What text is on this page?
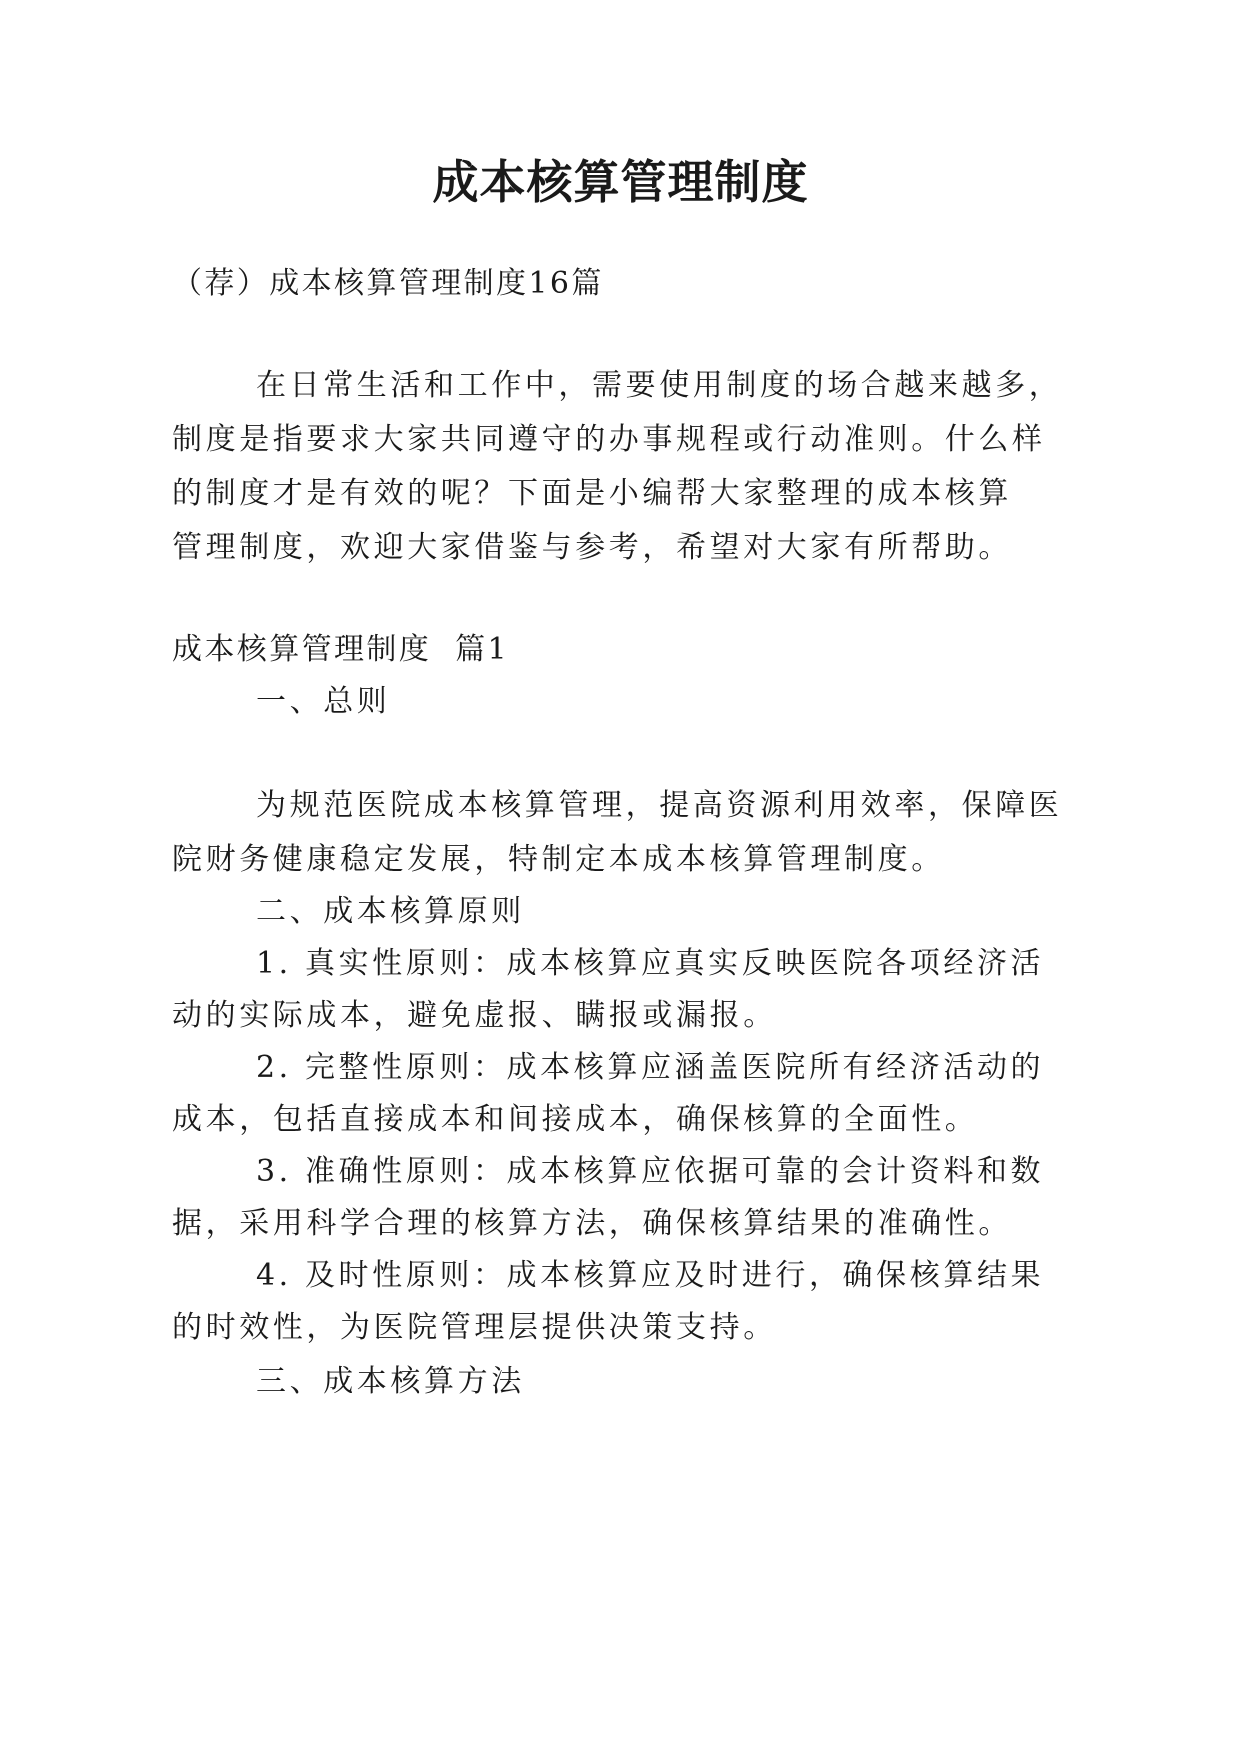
成本核算管理制度
（荐）成本核算管理制度16篇
在日常生活和工作中，需要使用制度的场合越来越多，
制度是指要求大家共同遵守的办事规程或行动准则。什么样
的制度才是有效的呢？下面是小编帮大家整理的成本核算
管理制度，欢迎大家借鉴与参考，希望对大家有所帮助。
成本核算管理制度  篇1
一、总则
为规范医院成本核算管理，提高资源利用效率，保障医
院财务健康稳定发展，特制定本成本核算管理制度。
二、成本核算原则
1. 真实性原则：成本核算应真实反映医院各项经济活
动的实际成本，避免虚报、瞒报或漏报。
2. 完整性原则：成本核算应涵盖医院所有经济活动的
成本，包括直接成本和间接成本，确保核算的全面性。
3. 准确性原则：成本核算应依据可靠的会计资料和数
据，采用科学合理的核算方法，确保核算结果的准确性。
4. 及时性原则：成本核算应及时进行，确保核算结果
的时效性，为医院管理层提供决策支持。
三、成本核算方法
